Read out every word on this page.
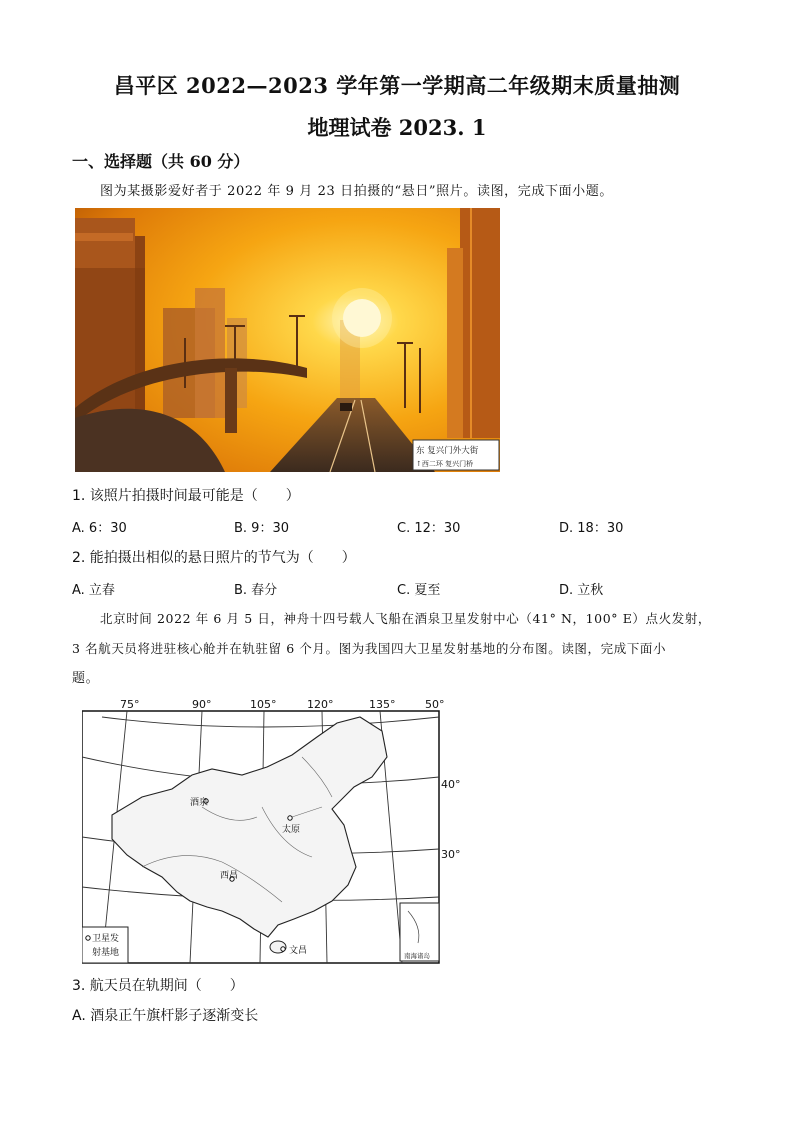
昌平区 2022—2023 学年第一学期高二年级期末质量抽测
地理试卷 2023. 1
一、选择题（共 60 分）
图为某摄影爱好者于 2022 年 9 月 23 日拍摄的“悬日”照片。读图，完成下面小题。
东 复兴门外大街
↑西二环 复兴门桥
1. 该照片拍摄时间最可能是（　　）
A. 6：30	B. 9：30	C. 12：30	D. 18：30
2. 能拍摄出相似的悬日照片的节气为（　　）
A. 立春	B. 春分	C. 夏至	D. 立秋
北京时间 2022 年 6 月 5 日，神舟十四号载人飞船在酒泉卫星发射中心（41° N，100° E）点火发射，
3 名航天员将进驻核心舱并在轨驻留 6 个月。图为我国四大卫星发射基地的分布图。读图，完成下面小
题。
南海诸岛
75°	90°	105°	120°	135°	50°
40°
30°
酒泉
太原
西昌
文昌
卫星发
射基地
3. 航天员在轨期间（　　）
A. 酒泉正午旗杆影子逐渐变长
